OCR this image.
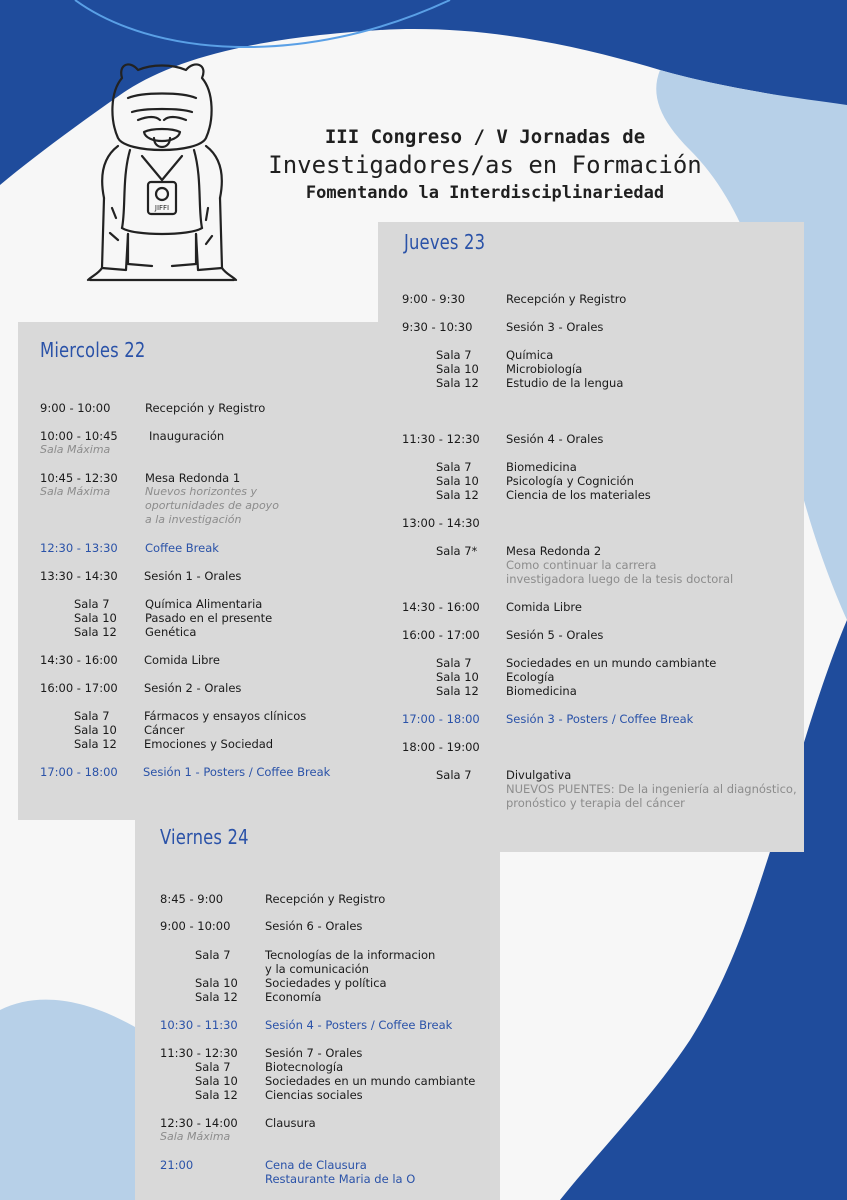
JIFFI
III Congreso / V Jornadas de
Investigadores/as en Formación
Fomentando la Interdisciplinariedad
Miercoles 22
Jueves 23
Viernes 24
9:00 - 10:00	Recepción y Registro
10:00 - 10:45	Inauguración
Sala Máxima
10:45 - 12:30 Mesa Redonda 1
Sala Máxima	Nuevos horizontes y
oportunidades de apoyo
a la investigación
12:30 - 13:30 Coffee Break
13:30 - 14:30 Sesión 1 - Orales
Sala 7	Química Alimentaria
Sala 10 Pasado en el presente
Sala 12 Genética
14:30 - 16:00 Comida Libre
16:00 - 17:00 Sesión 2 - Orales
Sala 7	Fármacos y ensayos clínicos
Sala 10 Cáncer
Sala 12 Emociones y Sociedad
17:00 - 18:00 Sesión 1 - Posters / Coffee Break
9:00 - 9:30	Recepción y Registro
9:30 - 10:30	Sesión 3 - Orales
Sala 7	Química
Sala 10 Microbiología
Sala 12 Estudio de la lengua
11:30 - 12:30 Sesión 4 - Orales
Sala 7	Biomedicina
Sala 10 Psicología y Cognición
Sala 12 Ciencia de los materiales
13:00 - 14:30
Sala 7* Mesa Redonda 2
Como continuar la carrera
investigadora luego de la tesis doctoral
14:30 - 16:00 Comida Libre
16:00 - 17:00 Sesión 5 - Orales
Sala 7	Sociedades en un mundo cambiante
Sala 10 Ecología
Sala 12 Biomedicina
17:00 - 18:00 Sesión 3 - Posters / Coffee Break
18:00 - 19:00
Sala 7	Divulgativa
NUEVOS PUENTES: De la ingeniería al diagnóstico,
pronóstico y terapia del cáncer
8:45 - 9:00	Recepción y Registro
9:00 - 10:00	Sesión 6 - Orales
Sala 7	Tecnologías de la informacion
y la comunicación
Sala 10 Sociedades y política
Sala 12 Economía
10:30 - 11:30 Sesión 4 - Posters / Coffee Break
11:30 - 12:30 Sesión 7 - Orales
Sala 7	Biotecnología
Sala 10 Sociedades en un mundo cambiante
Sala 12 Ciencias sociales
12:30 - 14:00 Clausura
Sala Máxima
21:00	Cena de Clausura
Restaurante Maria de la O
